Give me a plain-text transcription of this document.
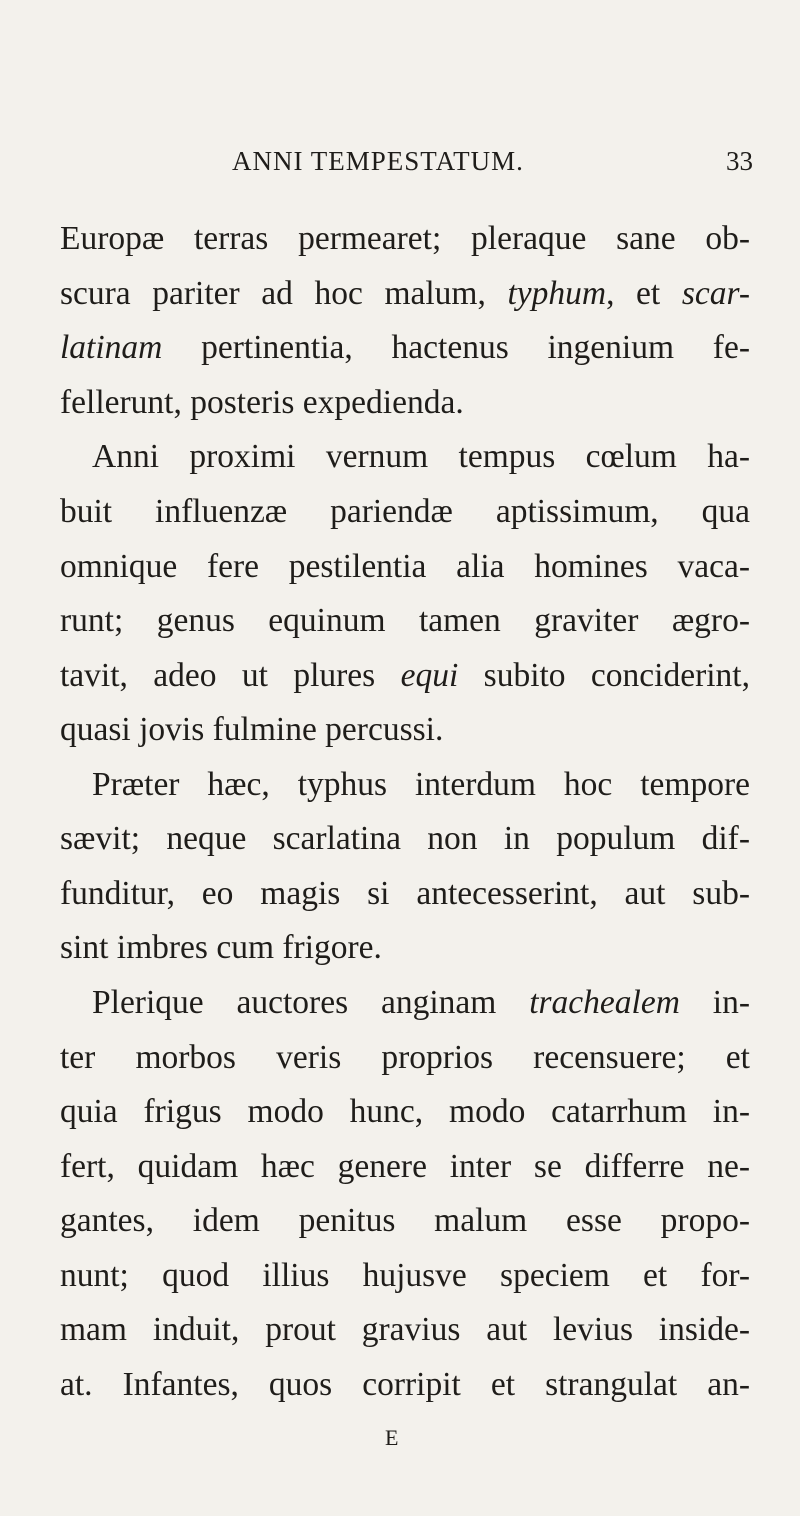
ANNI TEMPESTATUM.	33
Europæ terras permearet; pleraque sane ob-
scura pariter ad hoc malum, typhum, et scar-
latinam pertinentia, hactenus ingenium fe-
fellerunt, posteris expedienda.
Anni proximi vernum tempus cœlum ha-
buit influenzæ pariendæ aptissimum, qua
omnique fere pestilentia alia homines vaca-
runt; genus equinum tamen graviter ægro-
tavit, adeo ut plures equi subito conciderint,
quasi jovis fulmine percussi.
Præter hæc, typhus interdum hoc tempore
sævit; neque scarlatina non in populum dif-
funditur, eo magis si antecesserint, aut sub-
sint imbres cum frigore.
Plerique auctores anginam trachealem in-
ter morbos veris proprios recensuere; et
quia frigus modo hunc, modo catarrhum in-
fert, quidam hæc genere inter se differre ne-
gantes, idem penitus malum esse propo-
nunt; quod illius hujusve speciem et for-
mam induit, prout gravius aut levius inside-
at. Infantes, quos corripit et strangulat an-
E
